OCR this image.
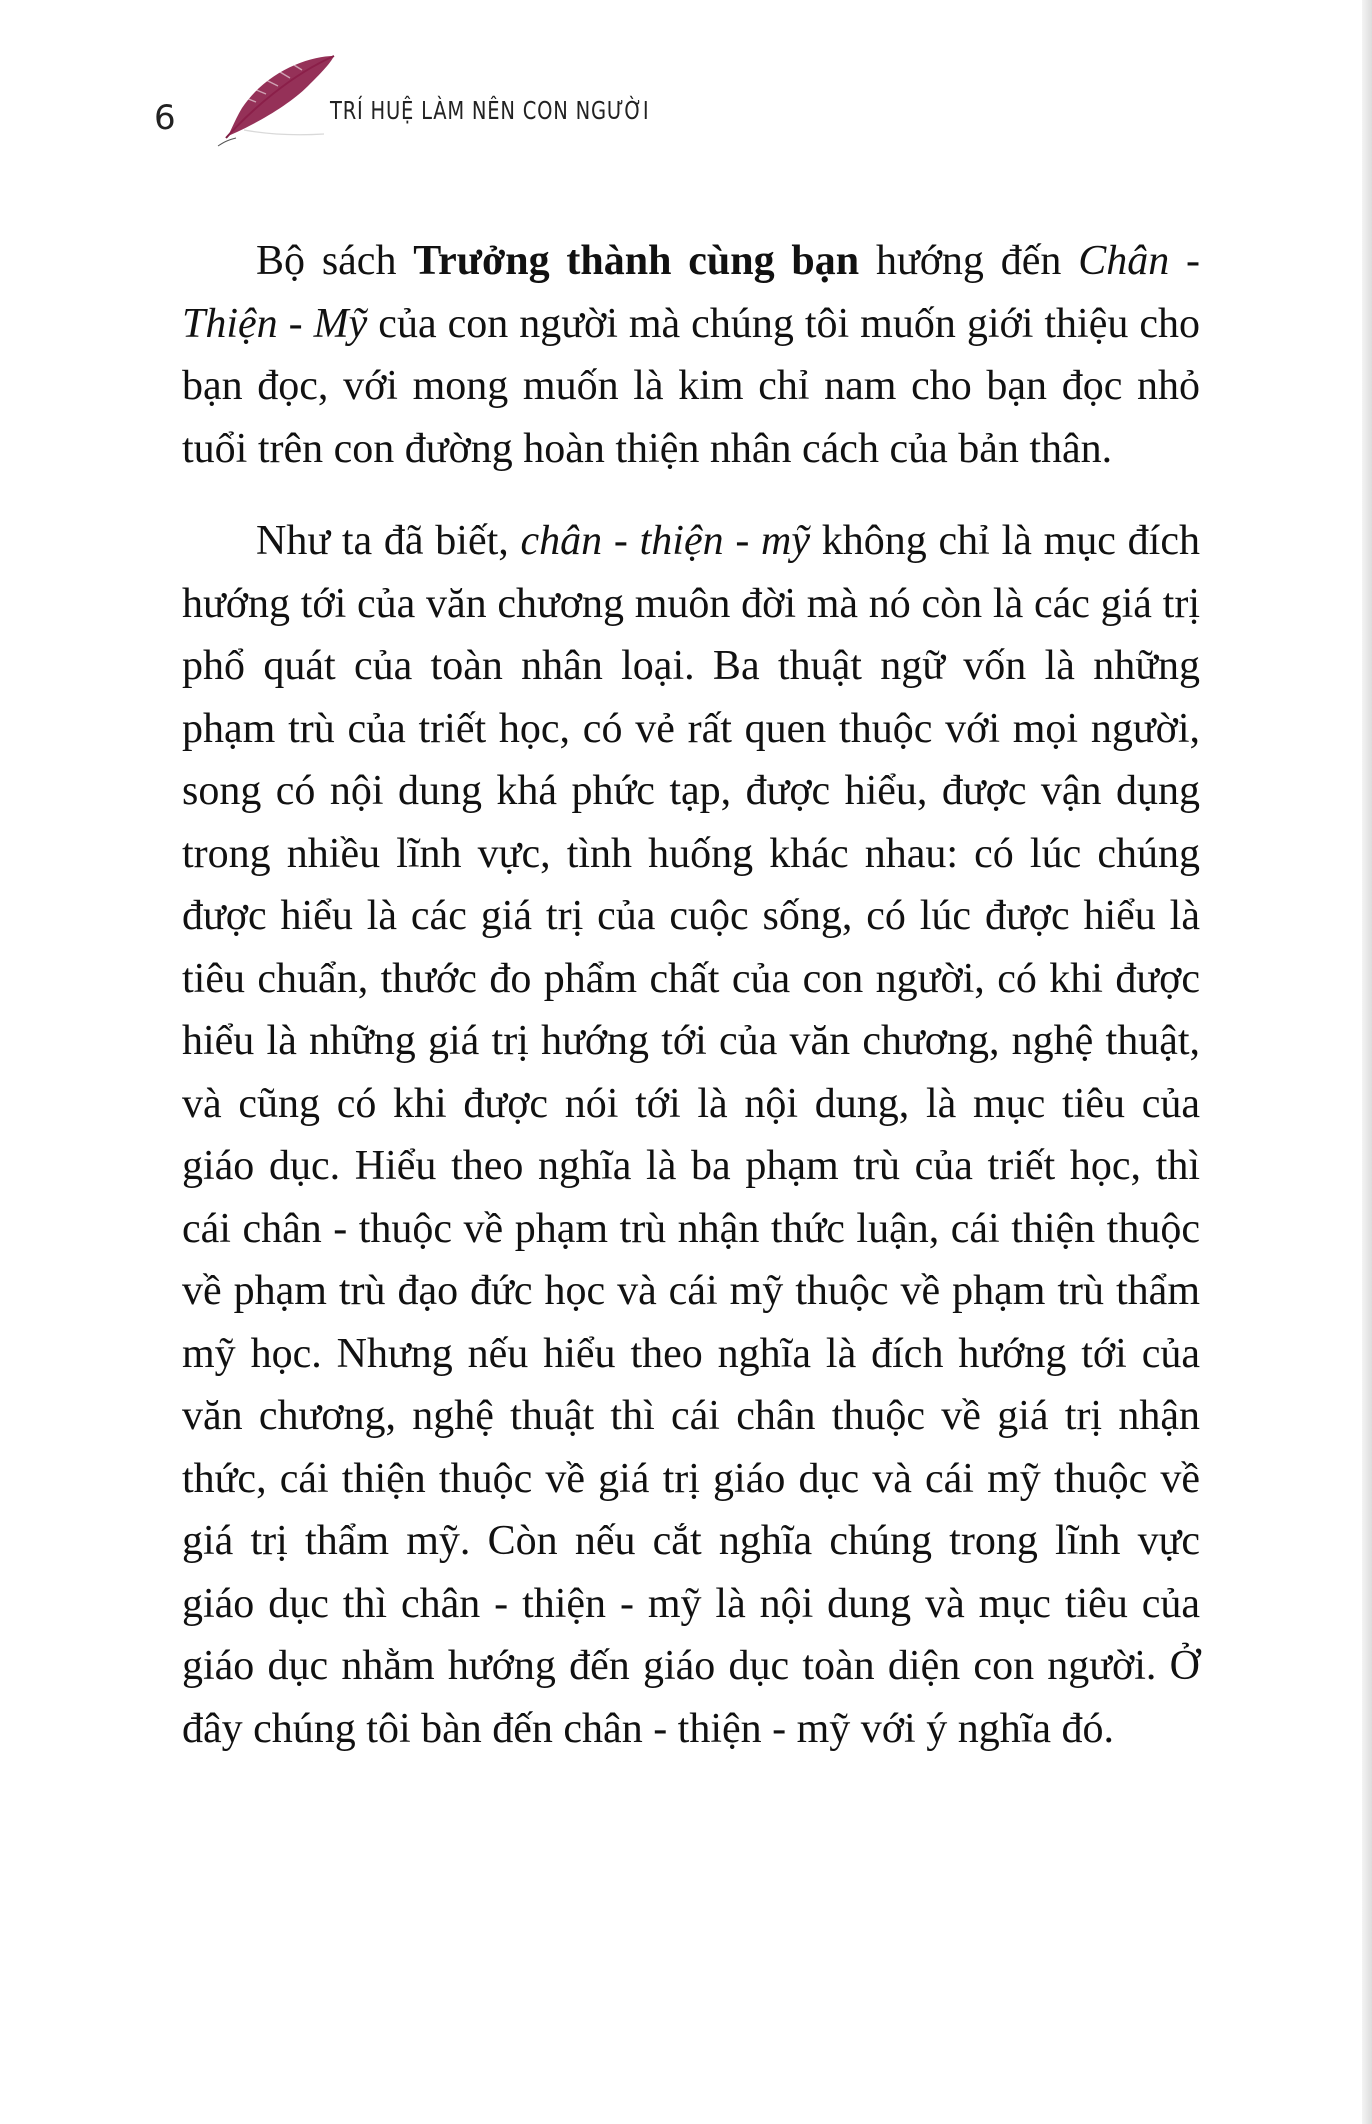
6	TRÍ HUỆ LÀM NÊN CON NGƯỜI

Bộ sách Trưởng thành cùng bạn hướng đến Chân - Thiện - Mỹ của con người mà chúng tôi muốn giới thiệu cho bạn đọc, với mong muốn là kim chỉ nam cho bạn đọc nhỏ tuổi trên con đường hoàn thiện nhân cách của bản thân.

Như ta đã biết, chân - thiện - mỹ không chỉ là mục đích hướng tới của văn chương muôn đời mà nó còn là các giá trị phổ quát của toàn nhân loại. Ba thuật ngữ vốn là những phạm trù của triết học, có vẻ rất quen thuộc với mọi người, song có nội dung khá phức tạp, được hiểu, được vận dụng trong nhiều lĩnh vực, tình huống khác nhau: có lúc chúng được hiểu là các giá trị của cuộc sống, có lúc được hiểu là tiêu chuẩn, thước đo phẩm chất của con người, có khi được hiểu là những giá trị hướng tới của văn chương, nghệ thuật, và cũng có khi được nói tới là nội dung, là mục tiêu của giáo dục. Hiểu theo nghĩa là ba phạm trù của triết học, thì cái chân - thuộc về phạm trù nhận thức luận, cái thiện thuộc về phạm trù đạo đức học và cái mỹ thuộc về phạm trù thẩm mỹ học. Nhưng nếu hiểu theo nghĩa là đích hướng tới của văn chương, nghệ thuật thì cái chân thuộc về giá trị nhận thức, cái thiện thuộc về giá trị giáo dục và cái mỹ thuộc về giá trị thẩm mỹ. Còn nếu cắt nghĩa chúng trong lĩnh vực giáo dục thì chân - thiện - mỹ là nội dung và mục tiêu của giáo dục nhằm hướng đến giáo dục toàn diện con người. Ở đây chúng tôi bàn đến chân - thiện - mỹ với ý nghĩa đó.
